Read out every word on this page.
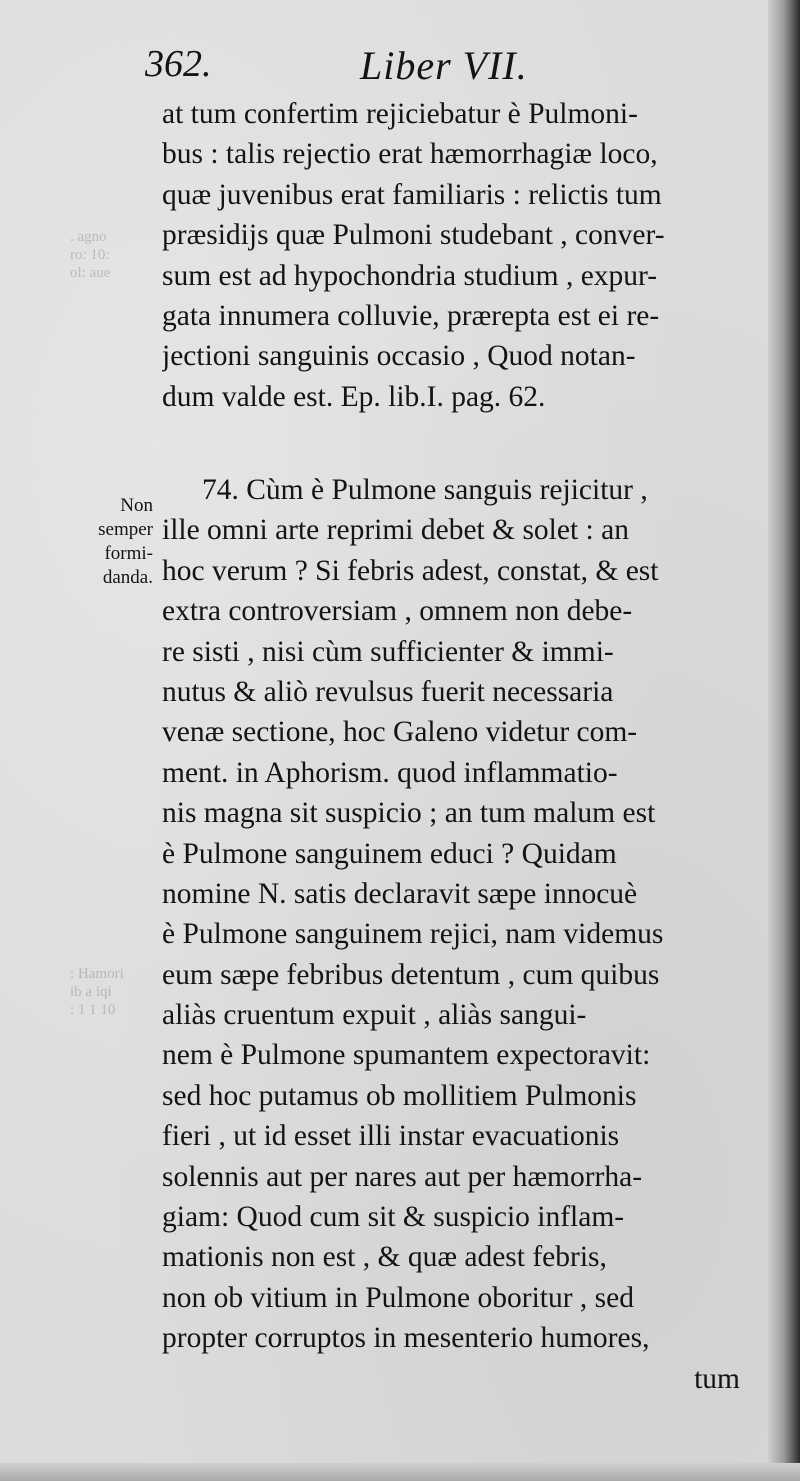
. agno
ro: 10:
ol: aue
: Hamori
ib a iqi
: 1 1 10
362.	Liber VII.
at tum confertim rejiciebatur è Pulmoni-
bus : talis rejectio erat hæmorrhagiæ loco,
quæ juvenibus erat familiaris : relictis tum
præsidijs quæ Pulmoni studebant , conver-
sum est ad hypochondria studium , expur-
gata innumera colluvie, prærepta est ei re-
jectioni sanguinis occasio , Quod notan-
dum valde est. Ep. lib.I. pag. 62.
Non
semper
formi-
danda.
74. Cùm è Pulmone sanguis rejicitur ,
ille omni arte reprimi debet & solet : an
hoc verum ? Si febris adest, constat, & est
extra controversiam , omnem non debe-
re sisti , nisi cùm sufficienter & immi-
nutus & aliò revulsus fuerit necessaria
venæ sectione, hoc Galeno videtur com-
ment. in Aphorism. quod inflammatio-
nis magna sit suspicio ; an tum malum est
è Pulmone sanguinem educi ? Quidam
nomine N. satis declaravit sæpe innocuè
è Pulmone sanguinem rejici, nam videmus
eum sæpe febribus detentum , cum quibus
aliàs cruentum expuit , aliàs sangui-
nem è Pulmone spumantem expectoravit:
sed hoc putamus ob mollitiem Pulmonis
fieri , ut id esset illi instar evacuationis
solennis aut per nares aut per hæmorrha-
giam: Quod cum sit & suspicio inflam-
mationis non est , & quæ adest febris,
non ob vitium in Pulmone oboritur , sed
propter corruptos in mesenterio humores,
tum
